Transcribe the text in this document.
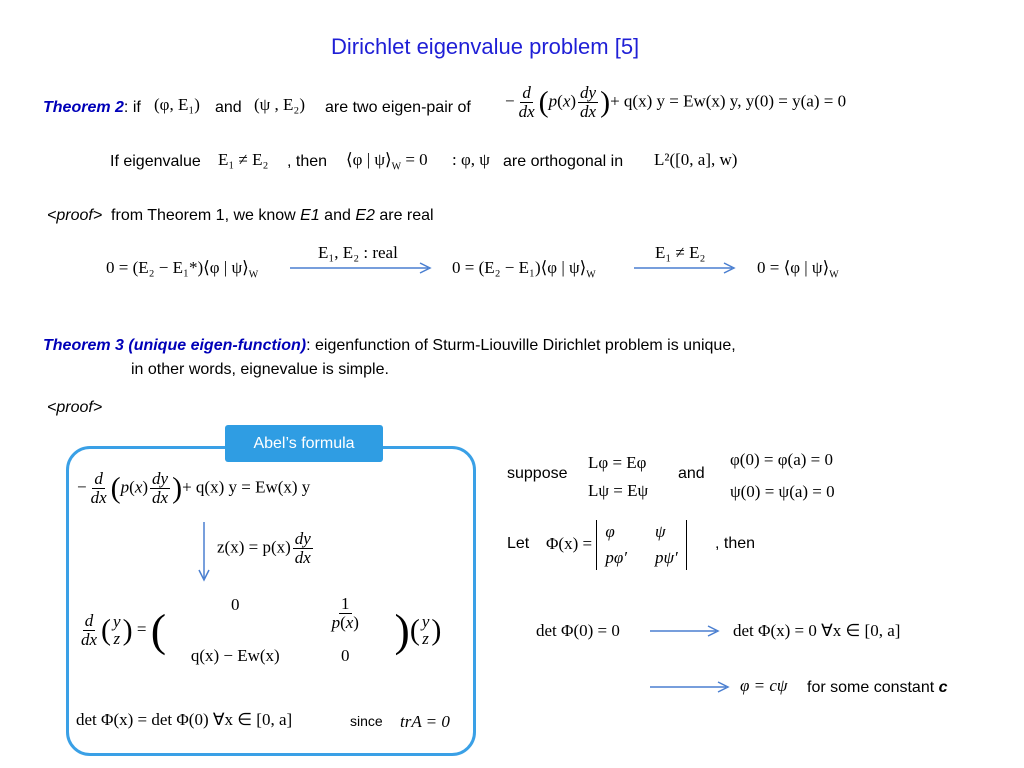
Dirichlet eigenvalue problem [5]
Theorem 2: if (φ, E₁) and (ψ , E₂) are two eigen-pair of − $\frac{d}{dx} (p(x) \frac{dy}{dx}$ )+ q(x) y = Ew(x) y, y(0) = y(a) = 0
If eigenvalue E₁ ≠ E₂ , then ⟨φ | $\psi⟩_W = 0$ : φ, ψ are orthogonal in L²([0, a], w)
<proof> from Theorem 1, we know E1 and E2 are real
0 = (E₂ − E₁*)⟨φ | $\psi⟩_W$
E₁, E₂ : real
0 = (E₂ − E₁)⟨φ | $\psi⟩_W$
E₁ ≠ E₂
0 = ⟨φ | $\psi⟩_W$
Theorem 3 (unique eigen-function): eigenfunction of Sturm-Liouville Dirichlet problem is unique,
in other words, eignevalue is simple.
<proof>
Abel’s formula
− $\frac{d}{dx} (p(x) \frac{dy}{dx}$ )+ q(x) y = Ew(x) y
$z(x) = p(x) \frac{dy}{dx}$
$\frac{d}{dx}$ ( y
z ) = (	0	$\frac{1}{p(x)}$
q(x) − Ew(x)	0 )( y
z )
det Φ(x) = det Φ(0) ∀x ∈ [0, a]	since trA = 0
suppose
Lφ = Eφ
Lψ = Eψ
and
φ(0) = φ(a) = 0
ψ(0) = ψ(a) = 0
Let Φ(x) =
φ	ψ
pφ′ pψ′
, then
det Φ(0) = 0	det Φ(x) = 0 ∀x ∈ [0, a]
φ = cψ for some constant c
